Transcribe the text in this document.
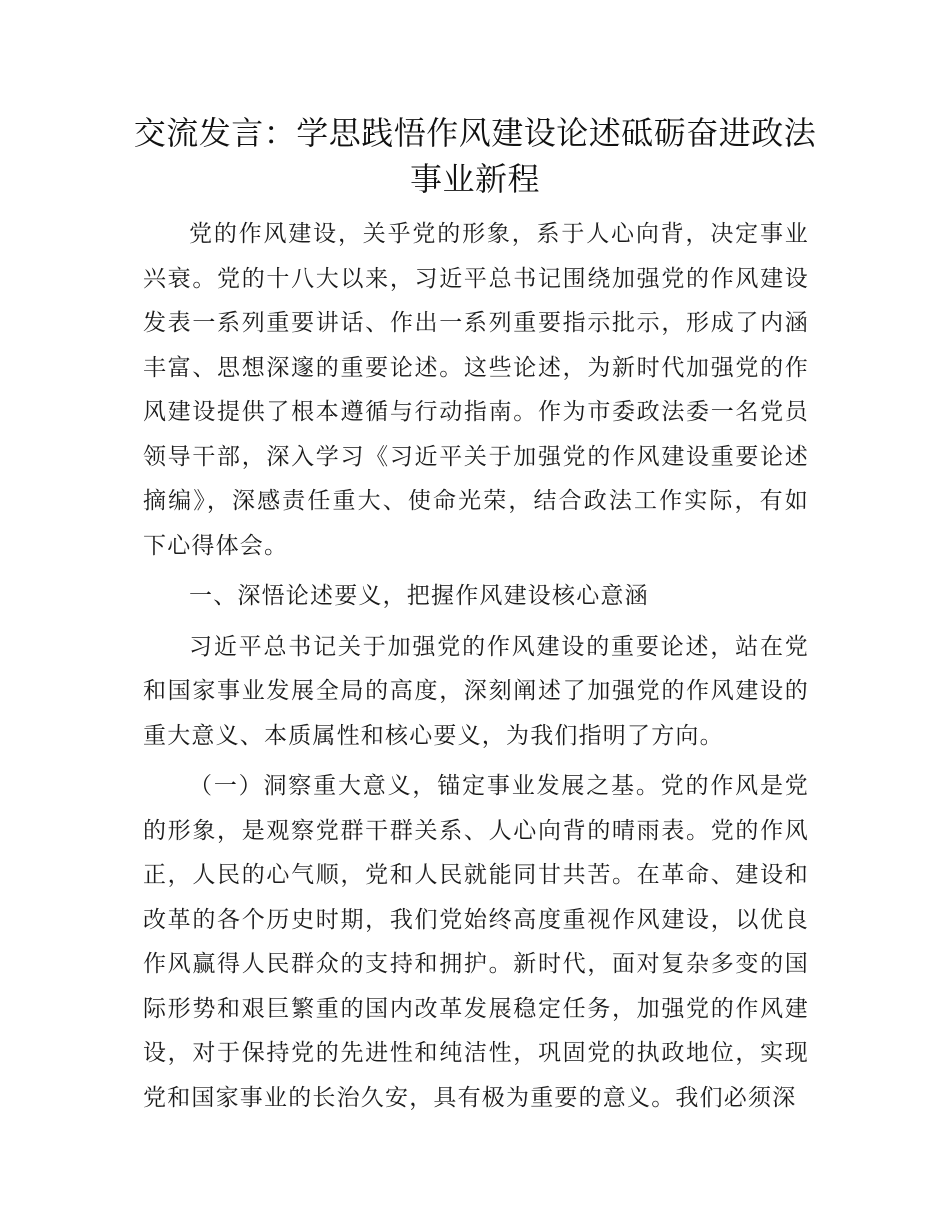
交流发言：学思践悟作风建设论述砥砺奋进政法事业新程

党的作风建设，关乎党的形象，系于人心向背，决定事业兴衰。党的十八大以来，习近平总书记围绕加强党的作风建设发表一系列重要讲话、作出一系列重要指示批示，形成了内涵丰富、思想深邃的重要论述。这些论述，为新时代加强党的作风建设提供了根本遵循与行动指南。作为市委政法委一名党员领导干部，深入学习《习近平关于加强党的作风建设重要论述摘编》，深感责任重大、使命光荣，结合政法工作实际，有如下心得体会。

一、深悟论述要义，把握作风建设核心意涵

习近平总书记关于加强党的作风建设的重要论述，站在党和国家事业发展全局的高度，深刻阐述了加强党的作风建设的重大意义、本质属性和核心要义，为我们指明了方向。

（一）洞察重大意义，锚定事业发展之基。党的作风是党的形象，是观察党群干群关系、人心向背的晴雨表。党的作风正，人民的心气顺，党和人民就能同甘共苦。在革命、建设和改革的各个历史时期，我们党始终高度重视作风建设，以优良作风赢得人民群众的支持和拥护。新时代，面对复杂多变的国际形势和艰巨繁重的国内改革发展稳定任务，加强党的作风建设，对于保持党的先进性和纯洁性，巩固党的执政地位，实现党和国家事业的长治久安，具有极为重要的意义。我们必须深
